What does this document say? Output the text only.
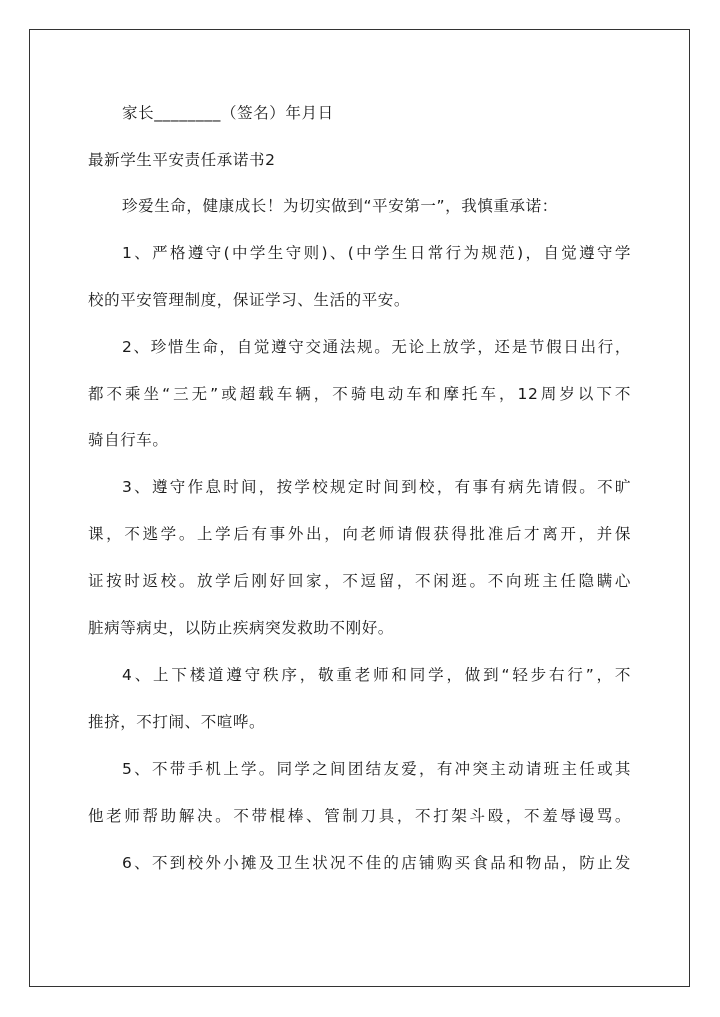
家长________（签名）年月日
最新学生平安责任承诺书2
珍爱生命，健康成长！为切实做到“平安第一”，我慎重承诺：
1、严格遵守(中学生守则)、(中学生日常行为规范)，自觉遵守学
校的平安管理制度，保证学习、生活的平安。
2、珍惜生命，自觉遵守交通法规。无论上放学，还是节假日出行，
都不乘坐“三无”或超载车辆，不骑电动车和摩托车，12周岁以下不
骑自行车。
3、遵守作息时间，按学校规定时间到校，有事有病先请假。不旷
课，不逃学。上学后有事外出，向老师请假获得批准后才离开，并保
证按时返校。放学后刚好回家，不逗留，不闲逛。不向班主任隐瞒心
脏病等病史，以防止疾病突发救助不刚好。
4、上下楼道遵守秩序，敬重老师和同学，做到“轻步右行”，不
推挤，不打闹、不喧哗。
5、不带手机上学。同学之间团结友爱，有冲突主动请班主任或其
他老师帮助解决。不带棍棒、管制刀具，不打架斗殴，不羞辱谩骂。
6、不到校外小摊及卫生状况不佳的店铺购买食品和物品，防止发
